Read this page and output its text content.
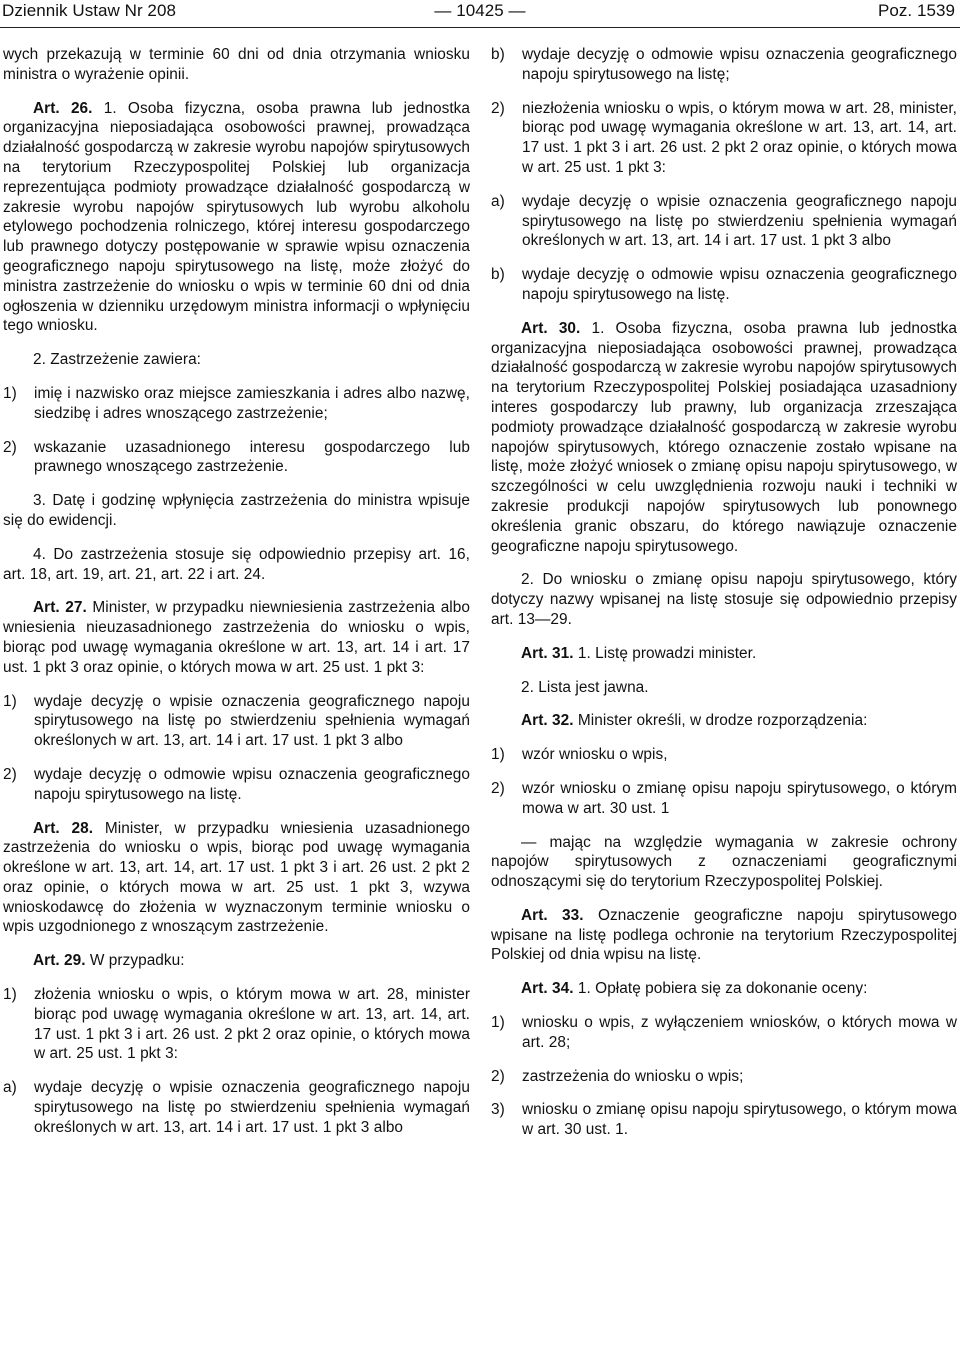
Dziennik Ustaw Nr 208	— 10425 —	Poz. 1539

wych przekazują w terminie 60 dni od dnia otrzymania wniosku ministra o wyrażenie opinii.

Art. 26. 1. Osoba fizyczna, osoba prawna lub jednostka organizacyjna nieposiadająca osobowości prawnej, prowadząca działalność gospodarczą w zakresie wyrobu napojów spirytusowych na terytorium Rzeczypospolitej Polskiej lub organizacja reprezentująca podmioty prowadzące działalność gospodarczą w zakresie wyrobu napojów spirytusowych lub wyrobu alkoholu etylowego pochodzenia rolniczego, której interesu gospodarczego lub prawnego dotyczy postępowanie w sprawie wpisu oznaczenia geograficznego napoju spirytusowego na listę, może złożyć do ministra zastrzeżenie do wniosku o wpis w terminie 60 dni od dnia ogłoszenia w dzienniku urzędowym ministra informacji o wpłynięciu tego wniosku.

2. Zastrzeżenie zawiera:

1)	imię i nazwisko oraz miejsce zamieszkania i adres albo nazwę, siedzibę i adres wnoszącego zastrzeżenie;
2)	wskazanie uzasadnionego interesu gospodarczego lub prawnego wnoszącego zastrzeżenie.

3. Datę i godzinę wpłynięcia zastrzeżenia do ministra wpisuje się do ewidencji.

4. Do zastrzeżenia stosuje się odpowiednio przepisy art. 16, art. 18, art. 19, art. 21, art. 22 i art. 24.

Art. 27. Minister, w przypadku niewniesienia zastrzeżenia albo wniesienia nieuzasadnionego zastrzeżenia do wniosku o wpis, biorąc pod uwagę wymagania określone w art. 13, art. 14 i art. 17 ust. 1 pkt 3 oraz opinie, o których mowa w art. 25 ust. 1 pkt 3:

1)	wydaje decyzję o wpisie oznaczenia geograficznego napoju spirytusowego na listę po stwierdzeniu spełnienia wymagań określonych w art. 13, art. 14 i art. 17 ust. 1 pkt 3 albo
2)	wydaje decyzję o odmowie wpisu oznaczenia geograficznego napoju spirytusowego na listę.

Art. 28. Minister, w przypadku wniesienia uzasadnionego zastrzeżenia do wniosku o wpis, biorąc pod uwagę wymagania określone w art. 13, art. 14, art. 17 ust. 1 pkt 3 i art. 26 ust. 2 pkt 2 oraz opinie, o których mowa w art. 25 ust. 1 pkt 3, wzywa wnioskodawcę do złożenia w wyznaczonym terminie wniosku o wpis uzgodnionego z wnoszącym zastrzeżenie.

Art. 29. W przypadku:

1)	złożenia wniosku o wpis, o którym mowa w art. 28, minister biorąc pod uwagę wymagania określone w art. 13, art. 14, art. 17 ust. 1 pkt 3 i art. 26 ust. 2 pkt 2 oraz opinie, o których mowa w art. 25 ust. 1 pkt 3:
a)	wydaje decyzję o wpisie oznaczenia geograficznego napoju spirytusowego na listę po stwierdzeniu spełnienia wymagań określonych w art. 13, art. 14 i art. 17 ust. 1 pkt 3 albo
b)	wydaje decyzję o odmowie wpisu oznaczenia geograficznego napoju spirytusowego na listę;
2)	niezłożenia wniosku o wpis, o którym mowa w art. 28, minister, biorąc pod uwagę wymagania określone w art. 13, art. 14, art. 17 ust. 1 pkt 3 i art. 26 ust. 2 pkt 2 oraz opinie, o których mowa w art. 25 ust. 1 pkt 3:
a)	wydaje decyzję o wpisie oznaczenia geograficznego napoju spirytusowego na listę po stwierdzeniu spełnienia wymagań określonych w art. 13, art. 14 i art. 17 ust. 1 pkt 3 albo
b)	wydaje decyzję o odmowie wpisu oznaczenia geograficznego napoju spirytusowego na listę.

Art. 30. 1. Osoba fizyczna, osoba prawna lub jednostka organizacyjna nieposiadająca osobowości prawnej, prowadząca działalność gospodarczą w zakresie wyrobu napojów spirytusowych na terytorium Rzeczypospolitej Polskiej posiadająca uzasadniony interes gospodarczy lub prawny, lub organizacja zrzeszająca podmioty prowadzące działalność gospodarczą w zakresie wyrobu napojów spirytusowych, którego oznaczenie zostało wpisane na listę, może złożyć wniosek o zmianę opisu napoju spirytusowego, w szczególności w celu uwzględnienia rozwoju nauki i techniki w zakresie produkcji napojów spirytusowych lub ponownego określenia granic obszaru, do którego nawiązuje oznaczenie geograficzne napoju spirytusowego.

2. Do wniosku o zmianę opisu napoju spirytusowego, który dotyczy nazwy wpisanej na listę stosuje się odpowiednio przepisy art. 13—29.

Art. 31. 1. Listę prowadzi minister.

2. Lista jest jawna.

Art. 32. Minister określi, w drodze rozporządzenia:

1)	wzór wniosku o wpis,
2)	wzór wniosku o zmianę opisu napoju spirytusowego, o którym mowa w art. 30 ust. 1

— mając na względzie wymagania w zakresie ochrony napojów spirytusowych z oznaczeniami geograficznymi odnoszącymi się do terytorium Rzeczypospolitej Polskiej.

Art. 33. Oznaczenie geograficzne napoju spirytusowego wpisane na listę podlega ochronie na terytorium Rzeczypospolitej Polskiej od dnia wpisu na listę.

Art. 34. 1. Opłatę pobiera się za dokonanie oceny:

1)	wniosku o wpis, z wyłączeniem wniosków, o których mowa w art. 28;
2)	zastrzeżenia do wniosku o wpis;
3)	wniosku o zmianę opisu napoju spirytusowego, o którym mowa w art. 30 ust. 1.
